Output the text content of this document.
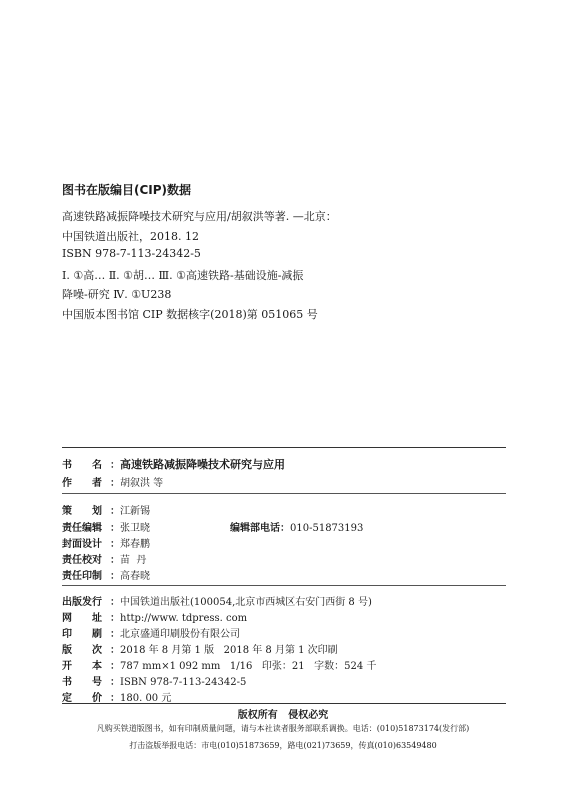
图书在版编目(CIP)数据
高速铁路减振降噪技术研究与应用/胡叙洪等著. —北京：
中国铁道出版社，2018. 12
ISBN 978-7-113-24342-5
Ⅰ. ①高… Ⅱ. ①胡… Ⅲ. ①高速铁路-基础设施-减振
降噪-研究 Ⅳ. ①U238
中国版本图书馆 CIP 数据核字(2018)第 051065 号
书 名 ：高速铁路减振降噪技术研究与应用
作 者 ：胡叙洪 等
策 划 ：江新锡
责任编辑 ：张卫晓	编辑部电话：010-51873193
封面设计 ：郑春鹏
责任校对 ：苗  丹
责任印制 ：高春晓
出版发行 ：中国铁道出版社(100054,北京市西城区右安门西街 8 号)
网 址 ：http://www. tdpress. com
印 刷 ：北京盛通印刷股份有限公司
版 次 ：2018 年 8 月第 1 版   2018 年 8 月第 1 次印刷
开 本 ：787 mm×1 092 mm   1/16   印张：21   字数：524 千
书 号 ：ISBN 978-7-113-24342-5
定 价 ：180. 00 元
版权所有   侵权必究
凡购买铁道版图书，如有印制质量问题，请与本社读者服务部联系调换。电话：(010)51873174(发行部)
打击盗版举报电话：市电(010)51873659，路电(021)73659，传真(010)63549480
